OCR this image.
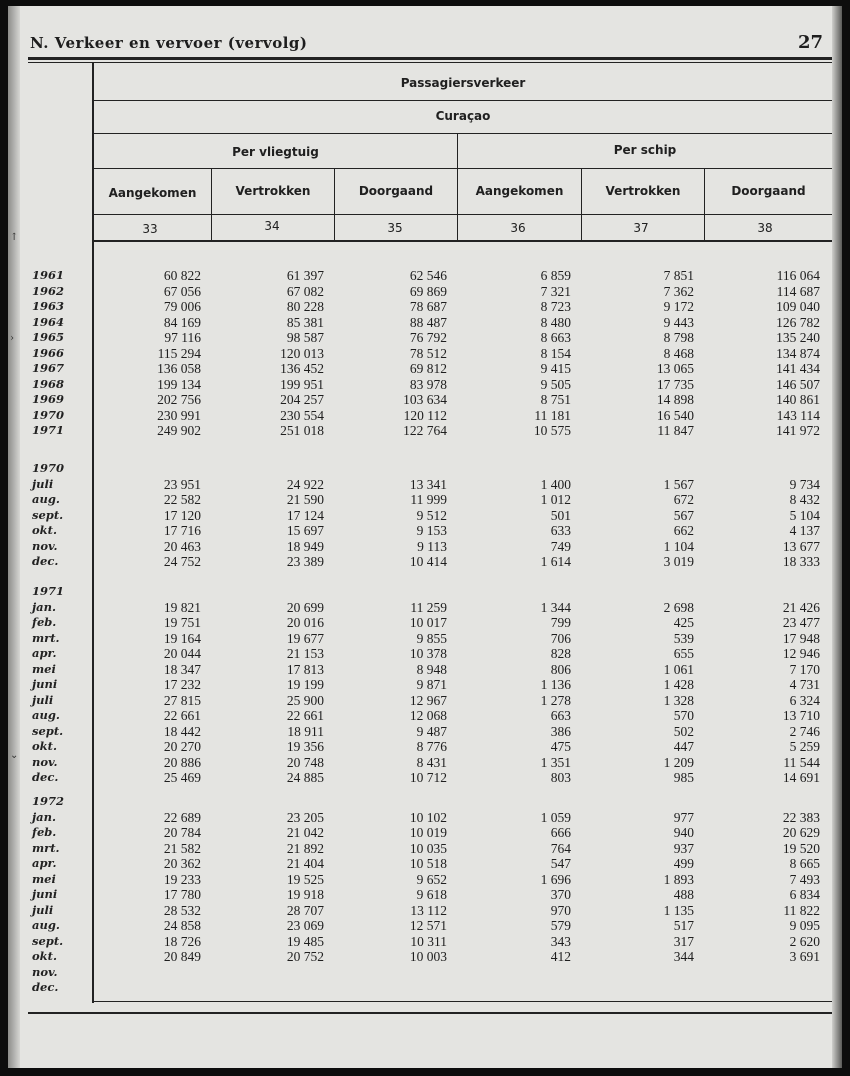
N. Verkeer en vervoer (vervolg)	27
Passagiersverkeer
Curaçao
Per vliegtuig	Per schip
Aangekomen	Vertrokken	Doorgaand	Aangekomen	Vertrokken	Doorgaand
33	34	35	36	37	38
1961	60 822	61 397	62 546	6 859	7 851	116 064
1962	67 056	67 082	69 869	7 321	7 362	114 687
1963	79 006	80 228	78 687	8 723	9 172	109 040
1964	84 169	85 381	88 487	8 480	9 443	126 782
1965	97 116	98 587	76 792	8 663	8 798	135 240
1966	115 294	120 013	78 512	8 154	8 468	134 874
1967	136 058	136 452	69 812	9 415	13 065	141 434
1968	199 134	199 951	83 978	9 505	17 735	146 507
1969	202 756	204 257	103 634	8 751	14 898	140 861
1970	230 991	230 554	120 112	11 181	16 540	143 114
1971	249 902	251 018	122 764	10 575	11 847	141 972
1970
juli	23 951	24 922	13 341	1 400	1 567	9 734
aug.	22 582	21 590	11 999	1 012	672	8 432
sept.	17 120	17 124	9 512	501	567	5 104
okt.	17 716	15 697	9 153	633	662	4 137
nov.	20 463	18 949	9 113	749	1 104	13 677
dec.	24 752	23 389	10 414	1 614	3 019	18 333
1971
jan.	19 821	20 699	11 259	1 344	2 698	21 426
feb.	19 751	20 016	10 017	799	425	23 477
mrt.	19 164	19 677	9 855	706	539	17 948
apr.	20 044	21 153	10 378	828	655	12 946
mei	18 347	17 813	8 948	806	1 061	7 170
juni	17 232	19 199	9 871	1 136	1 428	4 731
juli	27 815	25 900	12 967	1 278	1 328	6 324
aug.	22 661	22 661	12 068	663	570	13 710
sept.	18 442	18 911	9 487	386	502	2 746
okt.	20 270	19 356	8 776	475	447	5 259
nov.	20 886	20 748	8 431	1 351	1 209	11 544
dec.	25 469	24 885	10 712	803	985	14 691
1972
jan.	22 689	23 205	10 102	1 059	977	22 383
feb.	20 784	21 042	10 019	666	940	20 629
mrt.	21 582	21 892	10 035	764	937	19 520
apr.	20 362	21 404	10 518	547	499	8 665
mei	19 233	19 525	9 652	1 696	1 893	7 493
juni	17 780	19 918	9 618	370	488	6 834
juli	28 532	28 707	13 112	970	1 135	11 822
aug.	24 858	23 069	12 571	579	517	9 095
sept.	18 726	19 485	10 311	343	317	2 620
okt.	20 849	20 752	10 003	412	344	3 691
nov.
dec.
↑
›
⌄
